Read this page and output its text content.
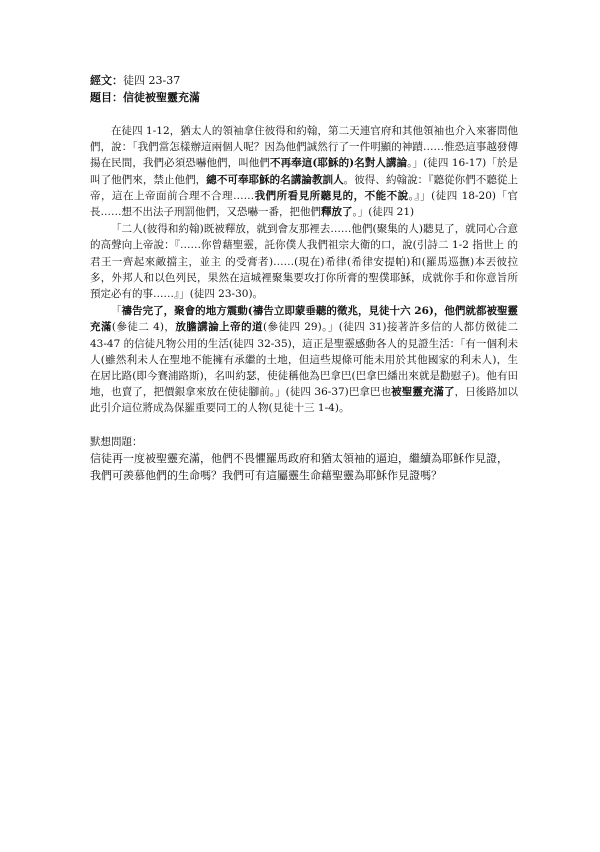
經文：徒四 23-37
題目：信徒被聖靈充滿

在徒四 1-12，猶太人的領袖拿住彼得和約翰，第二天連官府和其他領袖也介入來審問他們，說：「我們當怎樣辦這兩個人呢？因為他們誠然行了一件明顯的神蹟……惟恐這事越發傳揚在民間，我們必須恐嚇他們，叫他們不再奉這(耶穌的)名對人講論。」(徒四 16-17)「於是叫了他們來，禁止他們，總不可奉耶穌的名講論教訓人。彼得、約翰說：『聽從你們不聽從上帝，這在上帝面前合理不合理……我們所看見所聽見的，不能不說。』」(徒四 18-20)「官長……想不出法子刑罰他們，又恐嚇一番，把他們釋放了。」(徒四 21)

「二人(彼得和約翰)既被釋放，就到會友那裡去……他們(聚集的人)聽見了，就同心合意的高聲向上帝說：『……你曾藉聖靈，託你僕人我們祖宗大衛的口，說(引詩二 1-2 指世上 的君王一齊起來敵擋主，並主 的受膏者)……(現在)希律(希律安提帕)和(羅馬巡撫)本丟彼拉多，外邦人和以色列民，果然在這城裡聚集要攻打你所膏的聖僕耶穌，成就你手和你意旨所預定必有的事……』」(徒四 23-30)。

「禱告完了，聚會的地方震動(禱告立即蒙垂聽的徵兆，見徒十六 26)，他們就都被聖靈充滿(參徒二 4)，放膽講論上帝的道(參徒四 29)。」(徒四 31)接著許多信的人都仿傚徒二 43-47 的信徒凡物公用的生活(徒四 32-35)，這正是聖靈感動各人的見證生活：「有一個利未人(雖然利未人在聖地不能擁有承繼的土地，但這些規條可能未用於其他國家的利未人)，生在居比路(即今賽浦路斯)，名叫約瑟，使徒稱他為巴拿巴(巴拿巴繙出來就是勸慰子)。他有田地，也賣了，把價銀拿來放在使徒腳前。」(徒四 36-37)巴拿巴也被聖靈充滿了，日後路加以此引介這位將成為保羅重要同工的人物(見徒十三 1-4)。

默想問題：
信徒再一度被聖靈充滿，他們不畏懼羅馬政府和猶太領袖的逼迫，繼續為耶穌作見證，我們可羨慕他們的生命嗎？我們可有這屬靈生命藉聖靈為耶穌作見證嗎？
